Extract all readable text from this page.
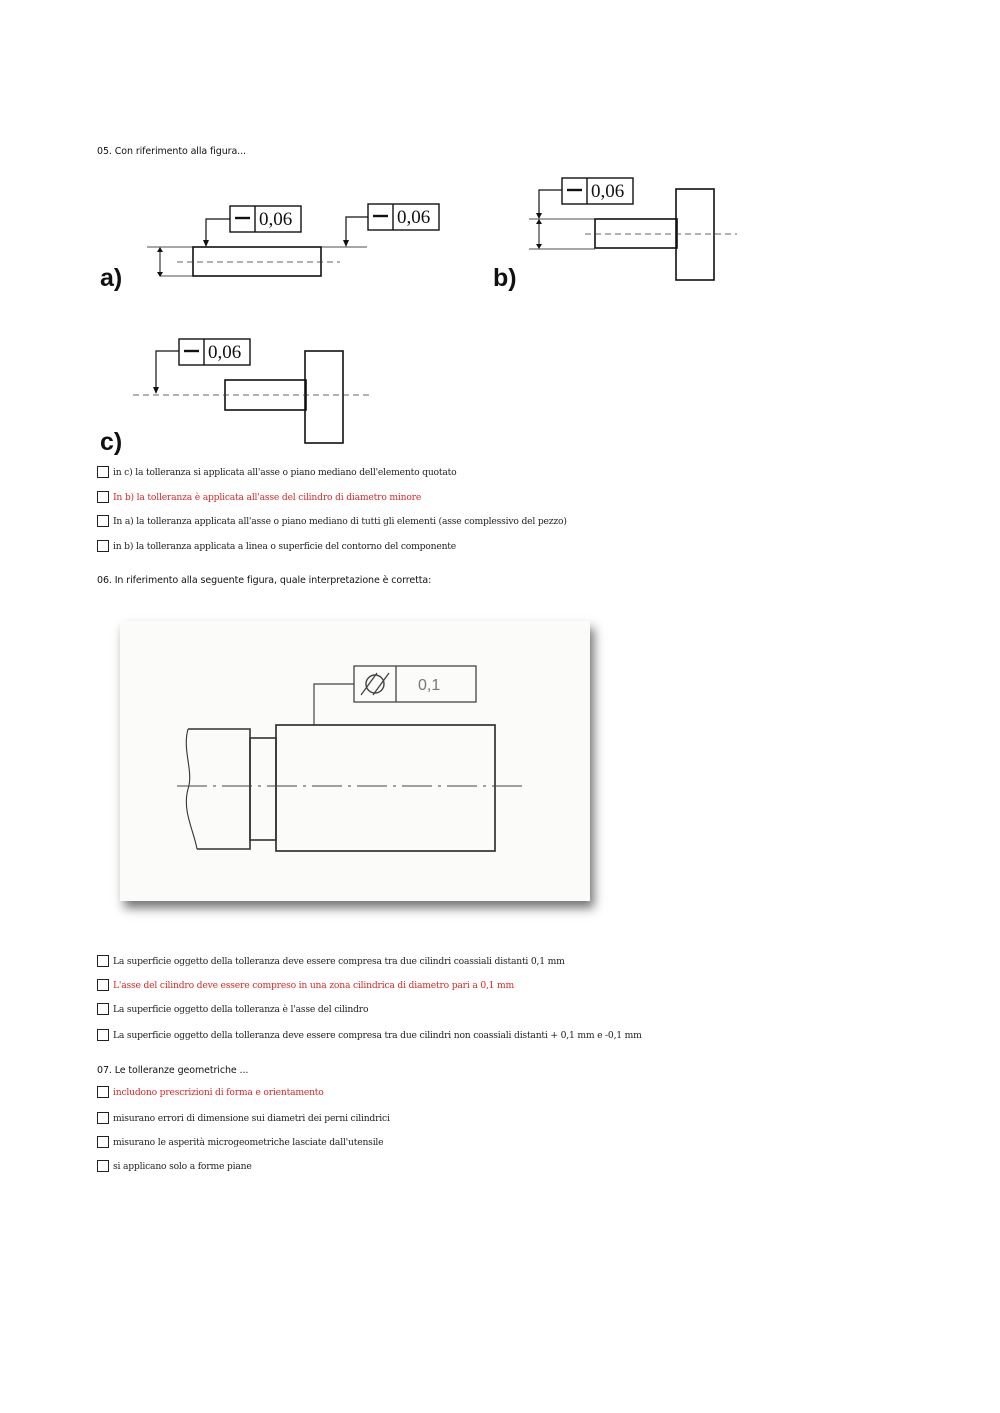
05. Con riferimento alla figura...
a)
0,06	0,06
b)
0,06
c)
0,06
in c) la tolleranza si applicata all'asse o piano mediano dell'elemento quotato
In b) la tolleranza è applicata all'asse del cilindro di diametro minore
In a) la tolleranza applicata all'asse o piano mediano di tutti gli elementi (asse complessivo del pezzo)
in b) la tolleranza applicata a linea o superficie del contorno del componente
06. In riferimento alla seguente figura, quale interpretazione è corretta:
0,1
La superficie oggetto della tolleranza deve essere compresa tra due cilindri coassiali distanti 0,1 mm
L'asse del cilindro deve essere compreso in una zona cilindrica di diametro pari a 0,1 mm
La superficie oggetto della tolleranza è l'asse del cilindro
La superficie oggetto della tolleranza deve essere compresa tra due cilindri non coassiali distanti + 0,1 mm e -0,1 mm
07. Le tolleranze geometriche ...
includono prescrizioni di forma e orientamento
misurano errori di dimensione sui diametri dei perni cilindrici
misurano le asperità microgeometriche lasciate dall'utensile
si applicano solo a forme piane
